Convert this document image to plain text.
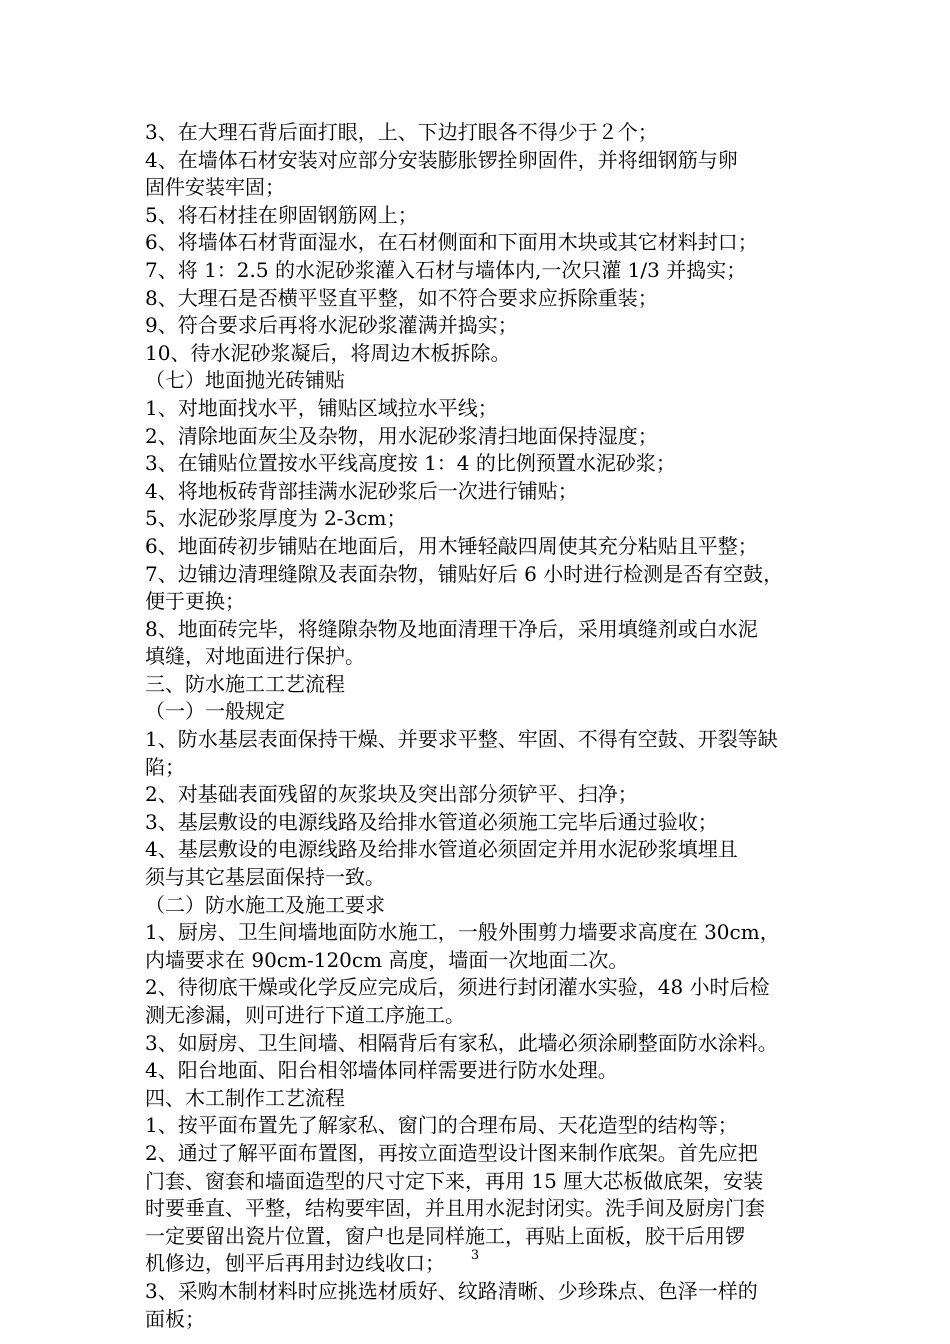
3、在大理石背后面打眼，上、下边打眼各不得少于２个；
4、在墙体石材安装对应部分安装膨胀锣拴卵固件，并将细钢筋与卵
固件安装牢固；
5、将石材挂在卵固钢筋网上；
6、将墙体石材背面湿水，在石材侧面和下面用木块或其它材料封口；
7、将 1：2.5 的水泥砂浆灌入石材与墙体内,一次只灌 1/3 并捣实；
8、大理石是否横平竖直平整，如不符合要求应拆除重装；
9、符合要求后再将水泥砂浆灌满并捣实；
10、待水泥砂浆凝后，将周边木板拆除。
（七）地面抛光砖铺贴
1、对地面找水平，铺贴区域拉水平线；
2、清除地面灰尘及杂物，用水泥砂浆清扫地面保持湿度；
3、在铺贴位置按水平线高度按 1：4 的比例预置水泥砂浆；
4、将地板砖背部挂满水泥砂浆后一次进行铺贴；
5、水泥砂浆厚度为 2-3cm；
6、地面砖初步铺贴在地面后，用木锤轻敲四周使其充分粘贴且平整；
7、边铺边清理缝隙及表面杂物，铺贴好后 6 小时进行检测是否有空鼓，
便于更换；
8、地面砖完毕，将缝隙杂物及地面清理干净后，采用填缝剂或白水泥
填缝，对地面进行保护。
三、防水施工工艺流程
（一）一般规定
1、防水基层表面保持干燥、并要求平整、牢固、不得有空鼓、开裂等缺
陷；
2、对基础表面残留的灰浆块及突出部分须铲平、扫净；
3、基层敷设的电源线路及给排水管道必须施工完毕后通过验收；
4、基层敷设的电源线路及给排水管道必须固定并用水泥砂浆填埋且
须与其它基层面保持一致。
（二）防水施工及施工要求
1、厨房、卫生间墙地面防水施工，一般外围剪力墙要求高度在 30cm，
内墙要求在 90cm-120cm 高度，墙面一次地面二次。
2、待彻底干燥或化学反应完成后，须进行封闭灌水实验，48 小时后检
测无渗漏，则可进行下道工序施工。
3、如厨房、卫生间墙、相隔背后有家私，此墙必须涂刷整面防水涂料。
4、阳台地面、阳台相邻墙体同样需要进行防水处理。
四、木工制作工艺流程
1、按平面布置先了解家私、窗门的合理布局、天花造型的结构等；
2、通过了解平面布置图，再按立面造型设计图来制作底架。首先应把
门套、窗套和墙面造型的尺寸定下来，再用 15 厘大芯板做底架，安装
时要垂直、平整，结构要牢固，并且用水泥封闭实。洗手间及厨房门套
一定要留出瓷片位置，窗户也是同样施工，再贴上面板，胶干后用锣
机修边，刨平后再用封边线收口；
3、采购木制材料时应挑选材质好、纹路清晰、少珍珠点、色泽一样的
面板；
3
